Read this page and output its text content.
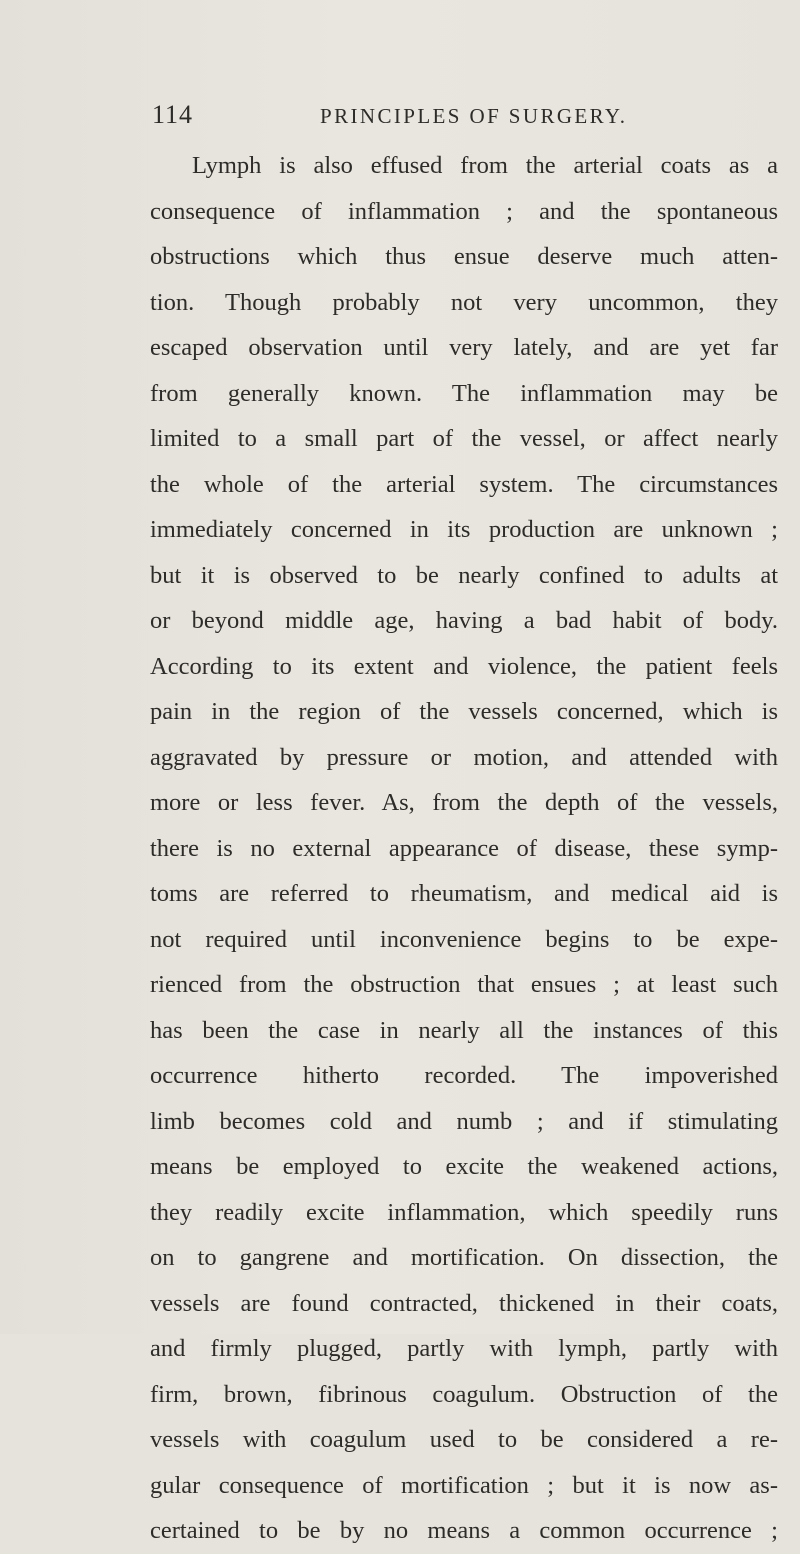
114	PRINCIPLES OF SURGERY.
Lymph is also effused from the arterial coats as a
consequence of inflammation ; and the spontaneous
obstructions which thus ensue deserve much atten-
tion. Though probably not very uncommon, they
escaped observation until very lately, and are yet far
from generally known. The inflammation may be
limited to a small part of the vessel, or affect nearly
the whole of the arterial system. The circumstances
immediately concerned in its production are unknown ;
but it is observed to be nearly confined to adults at
or beyond middle age, having a bad habit of body.
According to its extent and violence, the patient feels
pain in the region of the vessels concerned, which is
aggravated by pressure or motion, and attended with
more or less fever. As, from the depth of the vessels,
there is no external appearance of disease, these symp-
toms are referred to rheumatism, and medical aid is
not required until inconvenience begins to be expe-
rienced from the obstruction that ensues ; at least such
has been the case in nearly all the instances of this
occurrence hitherto recorded. The impoverished
limb becomes cold and numb ; and if stimulating
means be employed to excite the weakened actions,
they readily excite inflammation, which speedily runs
on to gangrene and mortification. On dissection, the
vessels are found contracted, thickened in their coats,
and firmly plugged, partly with lymph, partly with
firm, brown, fibrinous coagulum. Obstruction of the
vessels with coagulum used to be considered a re-
gular consequence of mortification ; but it is now as-
certained to be by no means a common occurrence ;
